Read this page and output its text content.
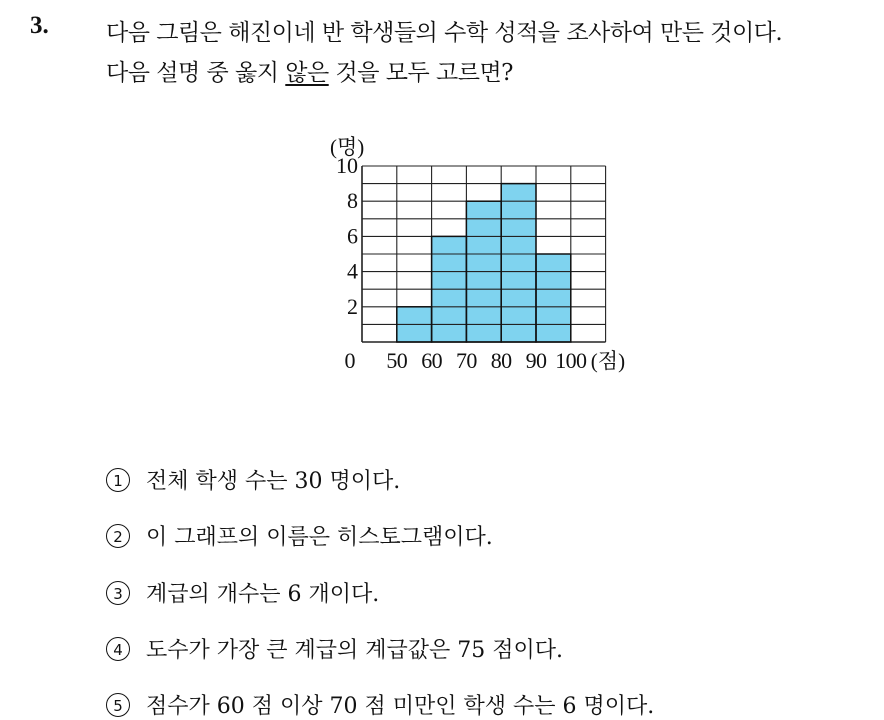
3. 다음 그림은 해진이네 반 학생들의 수학 성적을 조사하여 만든 것이다.
다음 설명 중 옳지 않은 것을 모두 고르면?
2
4
6
8
10
(명)
0 50 60 70 80 90 100 (점)
1	전체 학생 수는 30 명이다.
2	이 그래프의 이름은 히스토그램이다.
3	계급의 개수는 6 개이다.
4	도수가 가장 큰 계급의 계급값은 75 점이다.
5	점수가 60 점 이상 70 점 미만인 학생 수는 6 명이다.
